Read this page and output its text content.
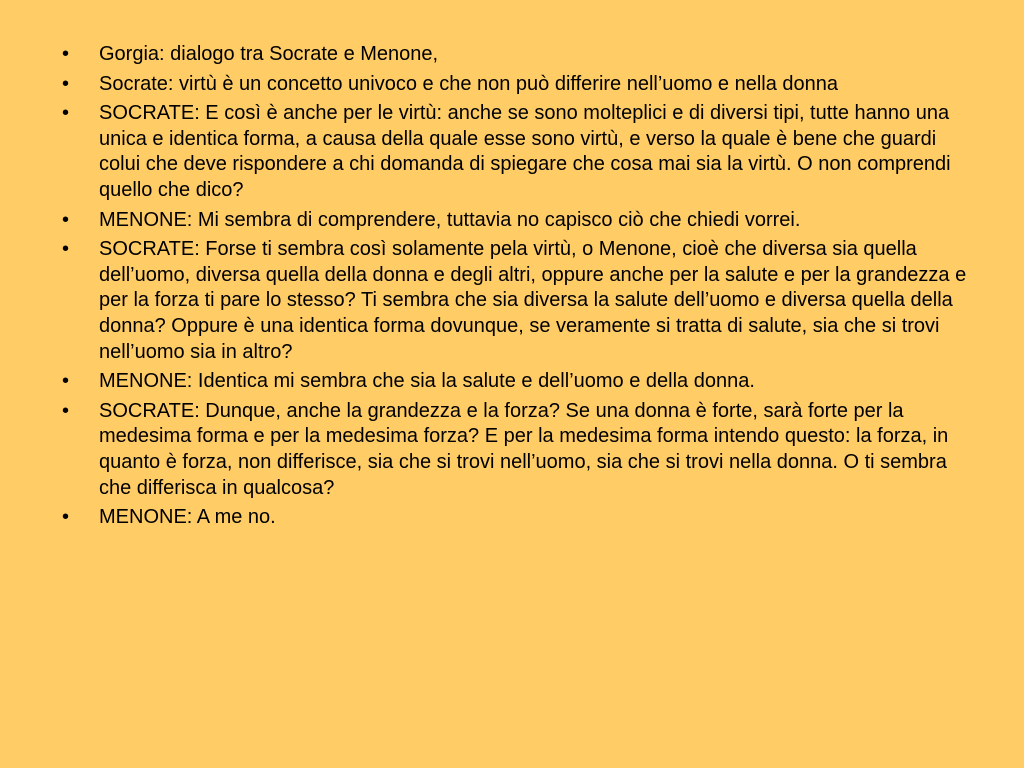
• Gorgia: dialogo tra Socrate e Menone,
• Socrate: virtù è un concetto univoco e che non può differire nell’uomo e nella donna
• SOCRATE: E così è anche per le virtù: anche se sono molteplici e di diversi tipi, tutte hanno una unica e identica forma, a causa della quale esse sono virtù, e verso la quale è bene che guardi colui che deve rispondere a chi domanda di spiegare che cosa mai sia la virtù. O non comprendi quello che dico?
• MENONE: Mi sembra di comprendere, tuttavia no capisco ciò che chiedi vorrei.
• SOCRATE: Forse ti sembra così solamente pela virtù, o Menone, cioè che diversa sia quella dell’uomo, diversa quella della donna e degli altri, oppure anche per la salute e per la grandezza e per la forza ti pare lo stesso? Ti sembra che sia diversa la salute dell’uomo e diversa quella della donna? Oppure è una identica forma dovunque, se veramente si tratta di salute, sia che si trovi nell’uomo sia in altro?
• MENONE: Identica mi sembra che sia la salute e dell’uomo e della donna.
• SOCRATE: Dunque, anche la grandezza e la forza? Se una donna è forte, sarà forte per la medesima forma e per la medesima forza? E per la medesima forma intendo questo: la forza, in quanto è forza, non differisce, sia che si trovi nell’uomo, sia che si trovi nella donna. O ti sembra che differisca in qualcosa?
• MENONE: A me no.
